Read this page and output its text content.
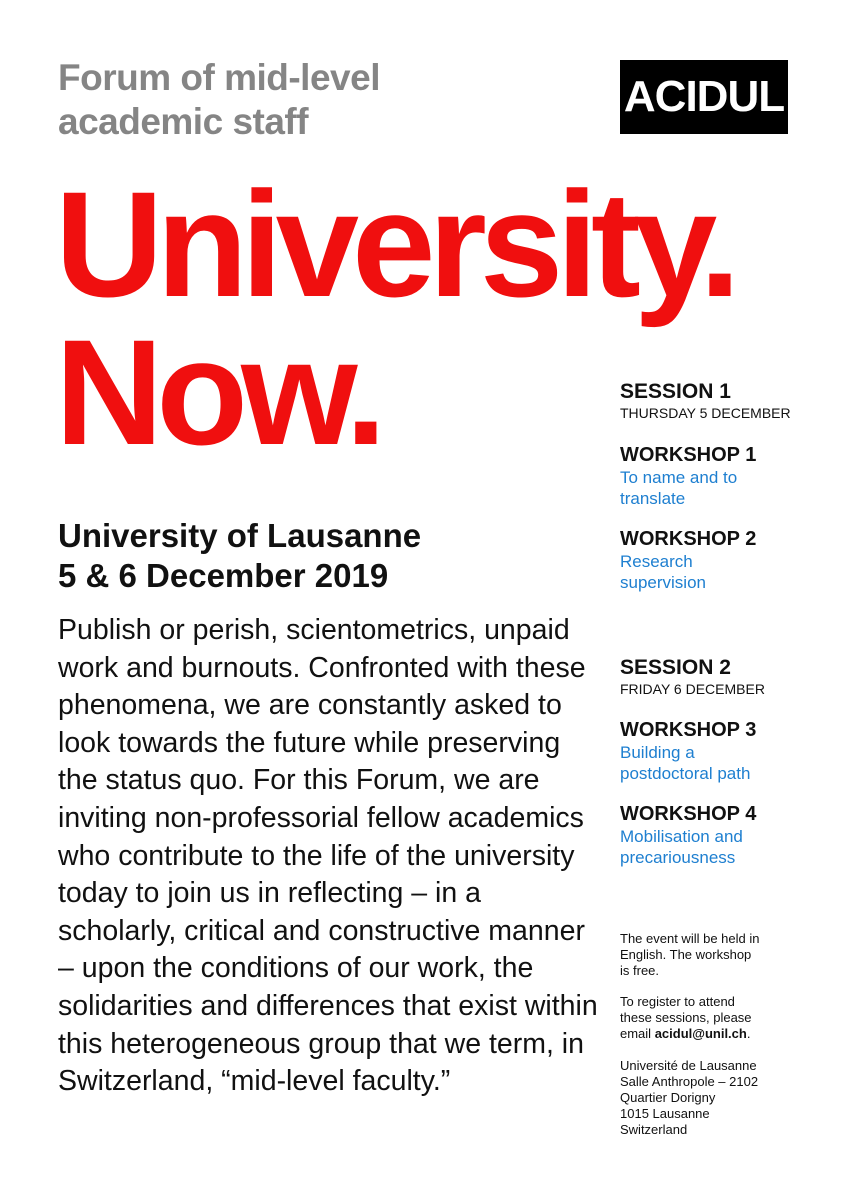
Forum of mid-level
academic staff
ACIDUL
University.
Now.
University of Lausanne
5 & 6 December 2019
Publish or perish, scientometrics, unpaid work and burnouts. Confronted with these phenomena, we are constantly asked to look towards the future while preserving the status quo. For this Forum, we are inviting non-professorial fellow academics who contribute to the life of the university today to join us in reflecting – in a scholarly, critical and constructive manner – upon the conditions of our work, the solidarities and differences that exist within this heterogeneous group that we term, in Switzerland, “mid-level faculty.”
SESSION 1
THURSDAY 5 DECEMBER
WORKSHOP 1
To name and to
translate
WORKSHOP 2
Research
supervision
SESSION 2
FRIDAY 6 DECEMBER
WORKSHOP 3
Building a
postdoctoral path
WORKSHOP 4
Mobilisation and
precariousness
The event will be held in
English. The workshop
is free.
To register to attend
these sessions, please
email acidul@unil.ch.
Université de Lausanne
Salle Anthropole – 2102
Quartier Dorigny
1015 Lausanne
Switzerland
